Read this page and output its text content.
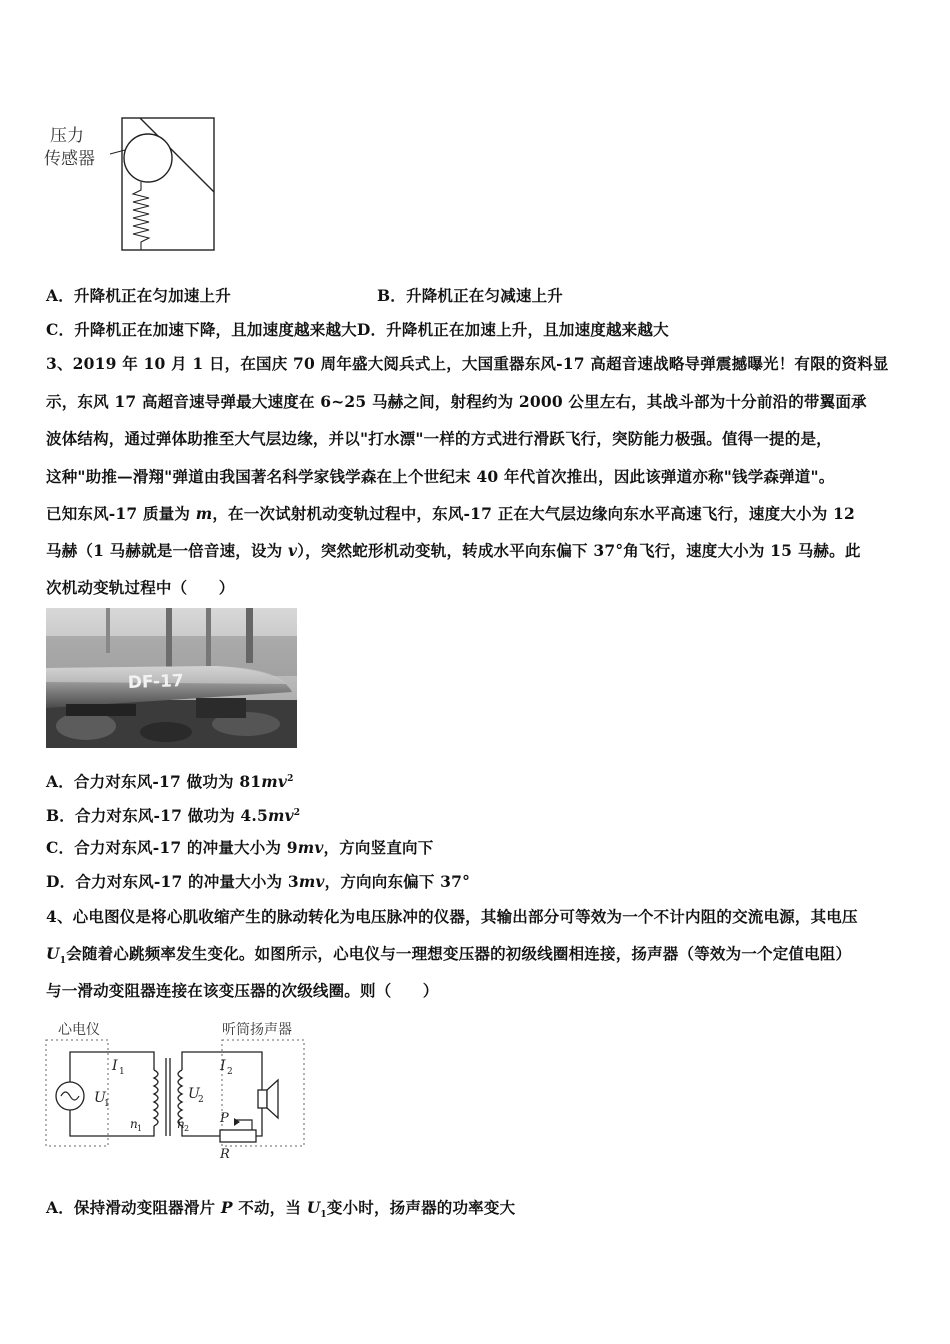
压力
传感器
A．升降机正在匀加速上升	B．升降机正在匀减速上升
C．升降机正在加速下降，且加速度越来越大D．升降机正在加速上升，且加速度越来越大
3、2019 年 10 月 1 日，在国庆 70 周年盛大阅兵式上，大国重器东风-17 高超音速战略导弹震撼曝光！有限的资料显
示，东风 17 高超音速导弹最大速度在 6~25 马赫之间，射程约为 2000 公里左右，其战斗部为十分前沿的带翼面承
波体结构，通过弹体助推至大气层边缘，并以"打水漂"一样的方式进行滑跃飞行，突防能力极强。值得一提的是，
这种"助推—滑翔"弹道由我国著名科学家钱学森在上个世纪末 40 年代首次推出，因此该弹道亦称"钱学森弹道"。
已知东风-17 质量为 m，在一次试射机动变轨过程中，东风-17 正在大气层边缘向东水平高速飞行，速度大小为 12
马赫（1 马赫就是一倍音速，设为 v），突然蛇形机动变轨，转成水平向东偏下 37°角飞行，速度大小为 15 马赫。此
次机动变轨过程中（　　）
DF-17
A．合力对东风-17 做功为 $81mv^2$
B．合力对东风-17 做功为 $4.5mv^2$
C．合力对东风-17 的冲量大小为 9mv，方向竖直向下
D．合力对东风-17 的冲量大小为 3mv，方向向东偏下 37°
4、心电图仪是将心肌收缩产生的脉动转化为电压脉冲的仪器，其输出部分可等效为一个不计内阻的交流电源，其电压
$U_1$会随着心跳频率发生变化。如图所示，心电仪与一理想变压器的初级线圈相连接，扬声器（等效为一个定值电阻）
与一滑动变阻器连接在该变压器的次级线圈。则（　　）
心电仪	听筒扬声器
I 1
U
1
n 1	n 2
U
2
I 2
P
R
A．保持滑动变阻器滑片 P 不动，当 $U_1$变小时，扬声器的功率变大
